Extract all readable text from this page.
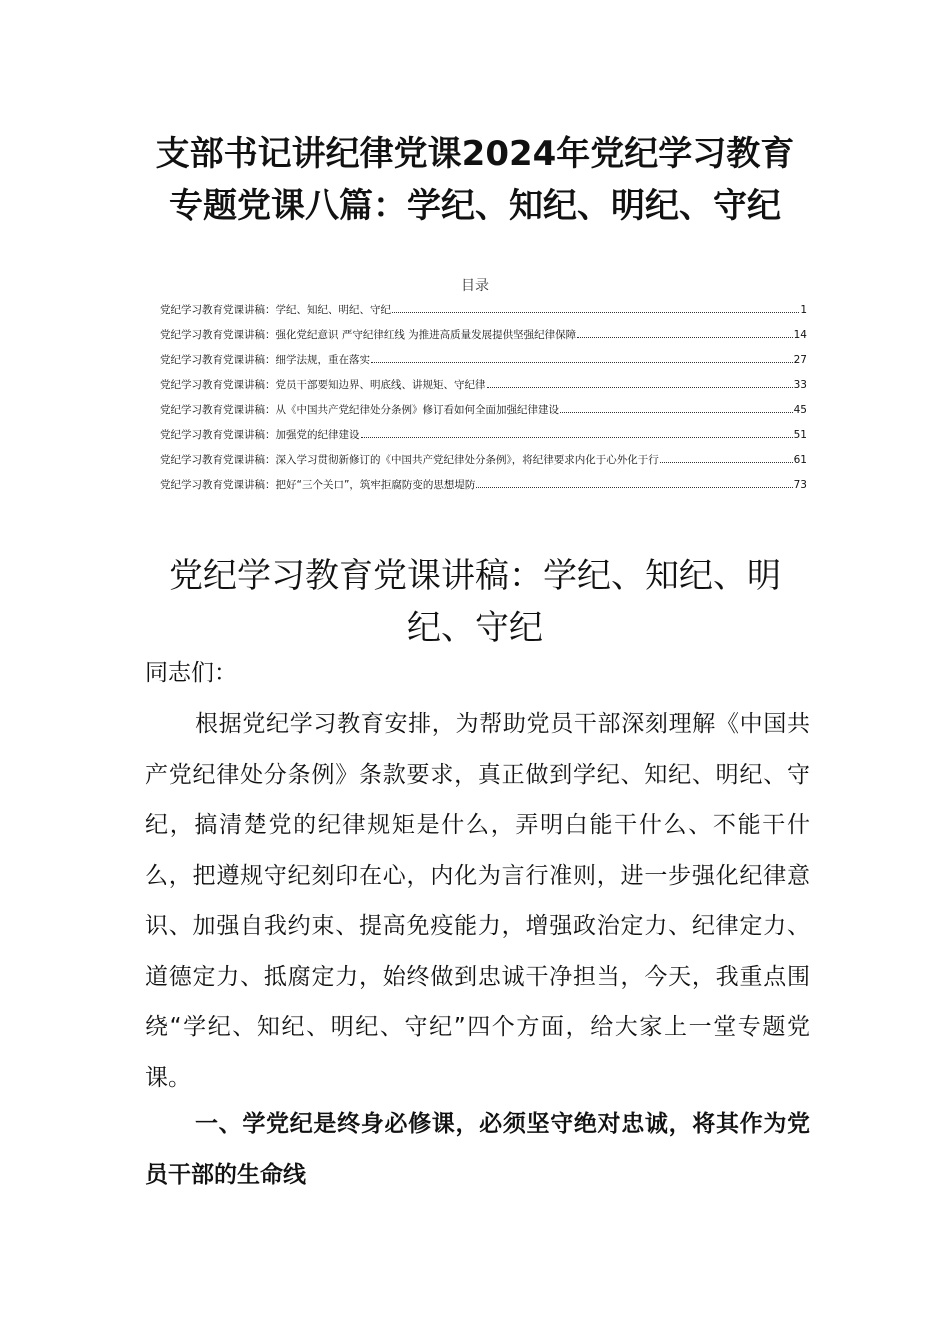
支部书记讲纪律党课2024年党纪学习教育专题党课八篇：学纪、知纪、明纪、守纪
目录
党纪学习教育党课讲稿：学纪、知纪、明纪、守纪	1
党纪学习教育党课讲稿：强化党纪意识 严守纪律红线 为推进高质量发展提供坚强纪律保障	14
党纪学习教育党课讲稿：细学法规，重在落实	27
党纪学习教育党课讲稿：党员干部要知边界、明底线、讲规矩、守纪律	33
党纪学习教育党课讲稿：从《中国共产党纪律处分条例》修订看如何全面加强纪律建设	45
党纪学习教育党课讲稿：加强党的纪律建设	51
党纪学习教育党课讲稿：深入学习贯彻新修订的《中国共产党纪律处分条例》，将纪律要求内化于心外化于行	61
党纪学习教育党课讲稿：把好“三个关口”，筑牢拒腐防变的思想堤防	73
党纪学习教育党课讲稿：学纪、知纪、明纪、守纪

同志们：

根据党纪学习教育安排，为帮助党员干部深刻理解《中国共产党纪律处分条例》条款要求，真正做到学纪、知纪、明纪、守纪，搞清楚党的纪律规矩是什么，弄明白能干什么、不能干什么，把遵规守纪刻印在心，内化为言行准则，进一步强化纪律意识、加强自我约束、提高免疫能力，增强政治定力、纪律定力、道德定力、抵腐定力，始终做到忠诚干净担当，今天，我重点围绕“学纪、知纪、明纪、守纪”四个方面，给大家上一堂专题党课。

一、学党纪是终身必修课，必须坚守绝对忠诚，将其作为党员干部的生命线
